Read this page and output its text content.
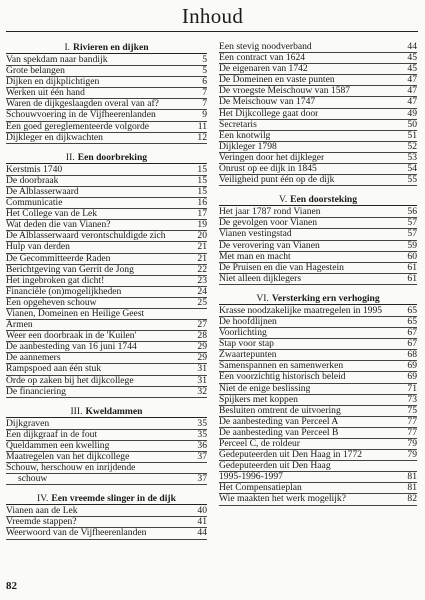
Inhoud
I. Rivieren en dijken
Van spekdam naar bandijk	5
Grote belangen	5
Dijken en dijkplichtigen	6
Werken uit één hand	7
Waren de dijkgeslaagden overal van af?	7
Schouwvoering in de Vijfheerenlanden	9
Een goed gereglementeerde volgorde	11
Dijkleger en dijkwachten	12
II. Een doorbreking
Kerstmis 1740	15
De doorbraak	15
De Alblasserwaard	15
Communicatie	16
Het College van de Lek	17
Wat deden die van Vianen?	19
De Alblasserwaard verontschuldigde zich	20
Hulp van derden	21
De Gecommitteerde Raden	21
Berichtgeving van Gerrit de Jong	22
Het ingebroken gat dicht!	23
Financiële (on)mogelijkheden	24
Een opgeheven schouw	25
Vianen, Domeinen en Heilige Geest
Armen	27
Weer een doorbraak in de 'Kuilen'	28
De aanbesteding van 16 juni 1744	29
De aannemers	29
Rampspoed aan één stuk	31
Orde op zaken bij het dijkcollege	31
De financiering	32
III. Kweldammen
Dijkgraven	35
Een dijkgraaf in de fout	35
Queldammen een kwelling	36
Maatregelen van het dijkcollege	37
Schouw, herschouw en inrijdende
schouw	37
IV. Een vreemde slinger in de dijk
Vianen aan de Lek	40
Vreemde stappen?	41
Weerwoord van de Vijfheerenlanden	44
Een stevig noodverband	44
Een contract van 1624	45
De eigenaren van 1742	45
De Domeinen en vaste punten	47
De vroegste Meischouw van 1587	47
De Meischouw van 1747	47
Het Dijkcollege gaat door	49
Secretaris	50
Een knotwilg	51
Dijkleger 1798	52
Veringen door het dijkleger	53
Onrust op ee dijk in 1845	54
Veiligheid punt één op de dijk	55
V. Een doorsteking
Het jaar 1787 rond Vianen	56
De gevolgen voor Vianen	57
Vianen vestingstad	57
De verovering van Vianen	59
Met man en macht	60
De Pruisen en die van Hagestein	61
Niet alleen dijklegers	61
VI. Versterking ern verhoging
Krasse noodzakelijke maatregelen in 1995	65
De hoofdlijnen	65
Voorlichting	67
Stap voor stap	67
Zwaartepunten	68
Samenspannen en samenwerken	69
Een voorzichtig historisch beleid	69
Niet de enige beslissing	71
Spijkers met koppen	73
Besluiten omtrent de uitvoering	75
De aanbesteding van Perceel A	77
De aanbesteding van Perceel B	77
Perceel C, de roldeur	79
Gedeputeerden uit Den Haag in 1772	79
Gedeputeerden uit Den Haag
1995-1996-1997	81
Het Compensatieplan	81
Wie maakten het werk mogelijk?	82
82
